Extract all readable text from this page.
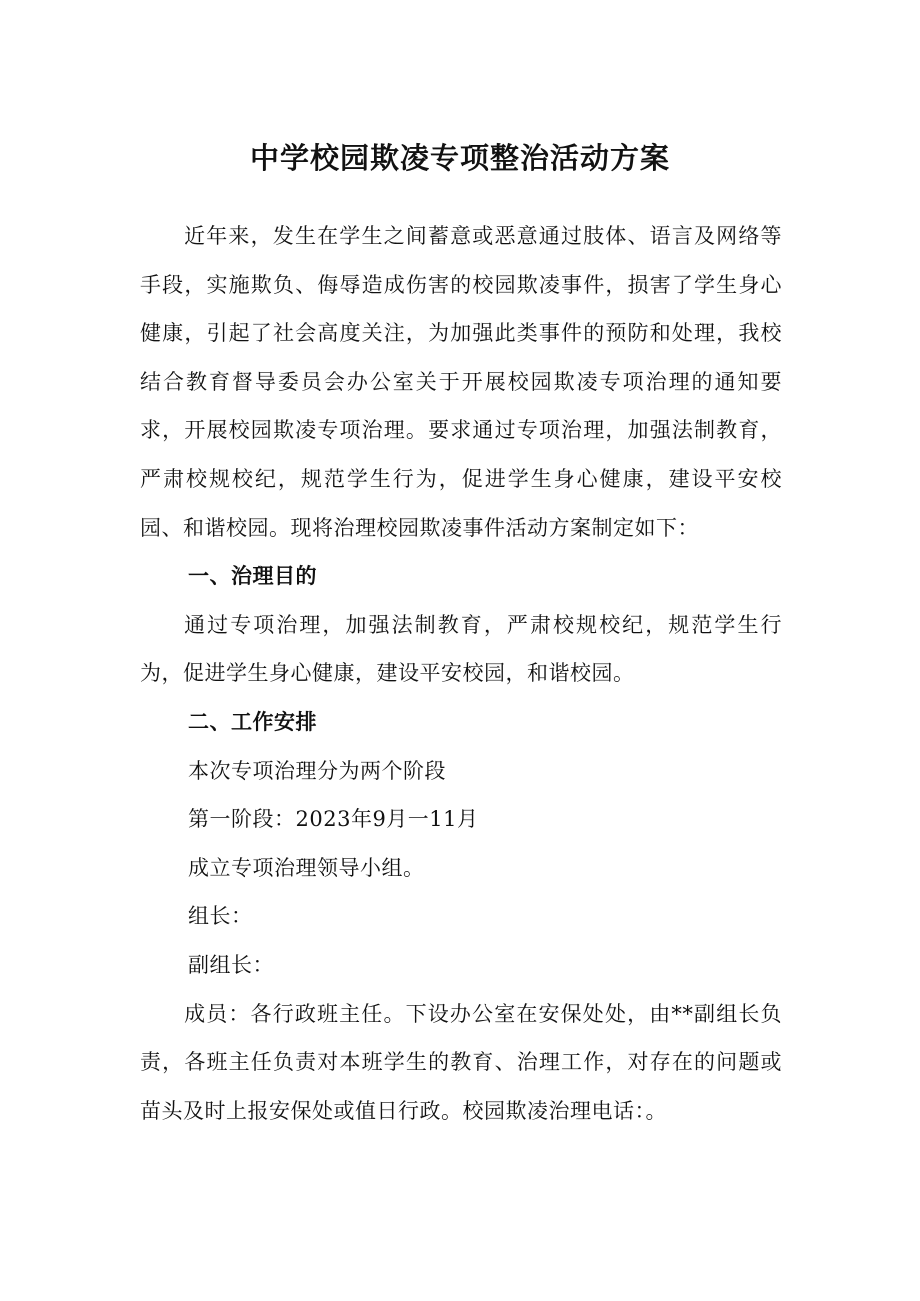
中学校园欺凌专项整治活动方案

近年来，发生在学生之间蓄意或恶意通过肢体、语言及网络等手段，实施欺负、侮辱造成伤害的校园欺凌事件，损害了学生身心健康，引起了社会高度关注，为加强此类事件的预防和处理，我校结合教育督导委员会办公室关于开展校园欺凌专项治理的通知要求，开展校园欺凌专项治理。要求通过专项治理，加强法制教育，严肃校规校纪，规范学生行为，促进学生身心健康，建设平安校园、和谐校园。现将治理校园欺凌事件活动方案制定如下：

一、治理目的

通过专项治理，加强法制教育，严肃校规校纪，规范学生行为，促进学生身心健康，建设平安校园，和谐校园。

二、工作安排
本次专项治理分为两个阶段
第一阶段：2023年9月一11月
成立专项治理领导小组。
组长：
副组长：

成员：各行政班主任。下设办公室在安保处处，由**副组长负责，各班主任负责对本班学生的教育、治理工作，对存在的问题或苗头及时上报安保处或值日行政。校园欺凌治理电话：。
